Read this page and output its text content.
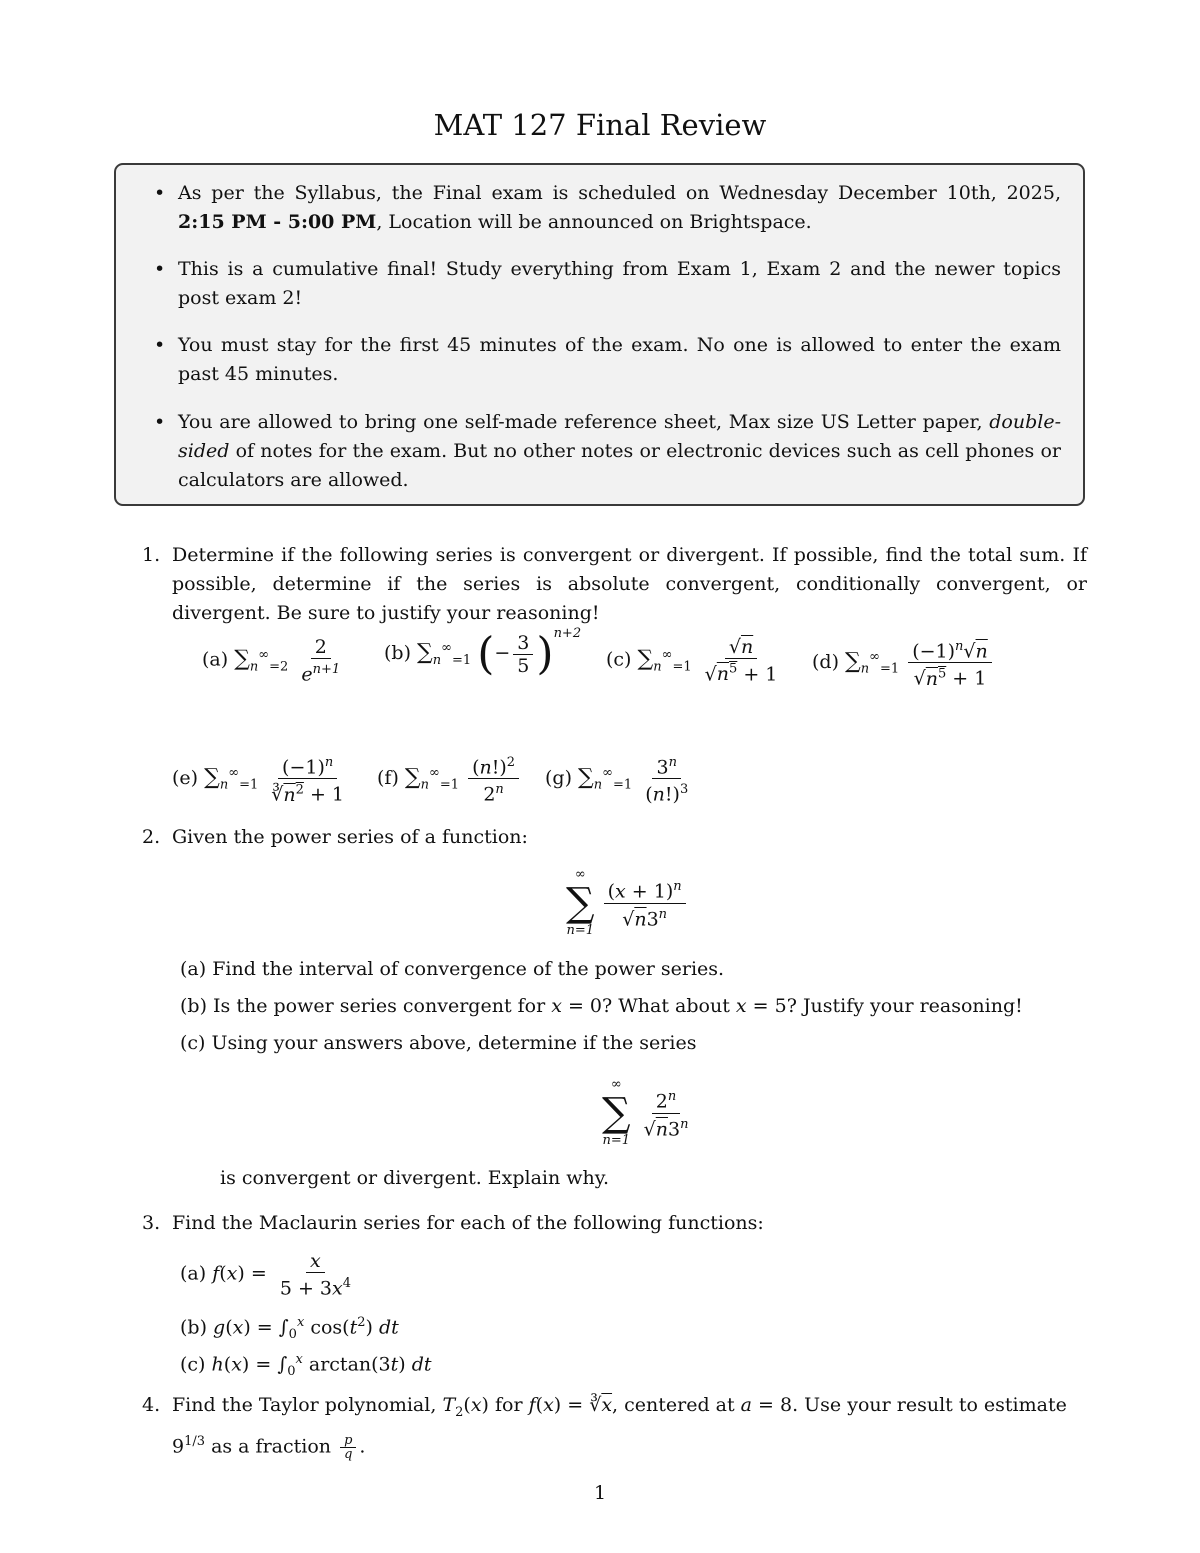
MAT 127 Final Review
• As per the Syllabus, the Final exam is scheduled on Wednesday December 10th, 2025, 2:15 PM - 5:00 PM, Location will be announced on Brightspace.
• This is a cumulative final! Study everything from Exam 1, Exam 2 and the newer topics post exam 2!
• You must stay for the first 45 minutes of the exam. No one is allowed to enter the exam past 45 minutes.
• You are allowed to bring one self-made reference sheet, Max size US Letter paper, double-sided of notes for the exam. But no other notes or electronic devices such as cell phones or calculators are allowed.
1. Determine if the following series is convergent or divergent. If possible, find the total sum. If possible, determine if the series is absolute convergent, conditionally convergent, or divergent. Be sure to justify your reasoning!
(a) $\sum_n^\infty_{=2} \frac{2}{e^{n+1}} (b)$ $\sum_n^\infty_{=1}$ (− $\frac{3}{5} )^{n+2}$
(c) $\sum_n^\infty_{=1} \frac{√n}{√n^5 + 1} (d)$ $\sum_n^\infty_{=1} \frac{(-1)^n√n}{√n^5 + 1}$
(e) $\sum_n^\infty_{=1} \frac{(-1)^n}{∛n^2 + 1} (f)$ $\sum_n^\infty_{=1} \frac{(n!)^2}{2^n} (g)$ $\sum_n^\infty_{=1} \frac{3^n}{(n!)^3}$
2. Given the power series of a function:
∞
∑
n=1

$\frac{(x + 1)^n}{√n3^n}$
(a) Find the interval of convergence of the power series.
(b) Is the power series convergent for x = 0? What about x = 5? Justify your reasoning!
(c) Using your answers above, determine if the series
∞
∑
n=1

$\frac{2^n}{√n3^n}$
is convergent or divergent. Explain why.
3. Find the Maclaurin series for each of the following functions:
(a) $f(x) = \frac{x}{5 + 3x^4}$
(b) $g(x) = \int_0^x$ $\cos(t^2)$ dt
(c) $h(x) = \int_0^x$ arctan(3t) dt
4. Find the Taylor polynomial, $T_2(x)$ for $f(x) = ∛\overline{x}$, centered at a = 8. Use your result to estimate $9^{1/3}$ as a fraction $\frac{p}{q}$ .
1
